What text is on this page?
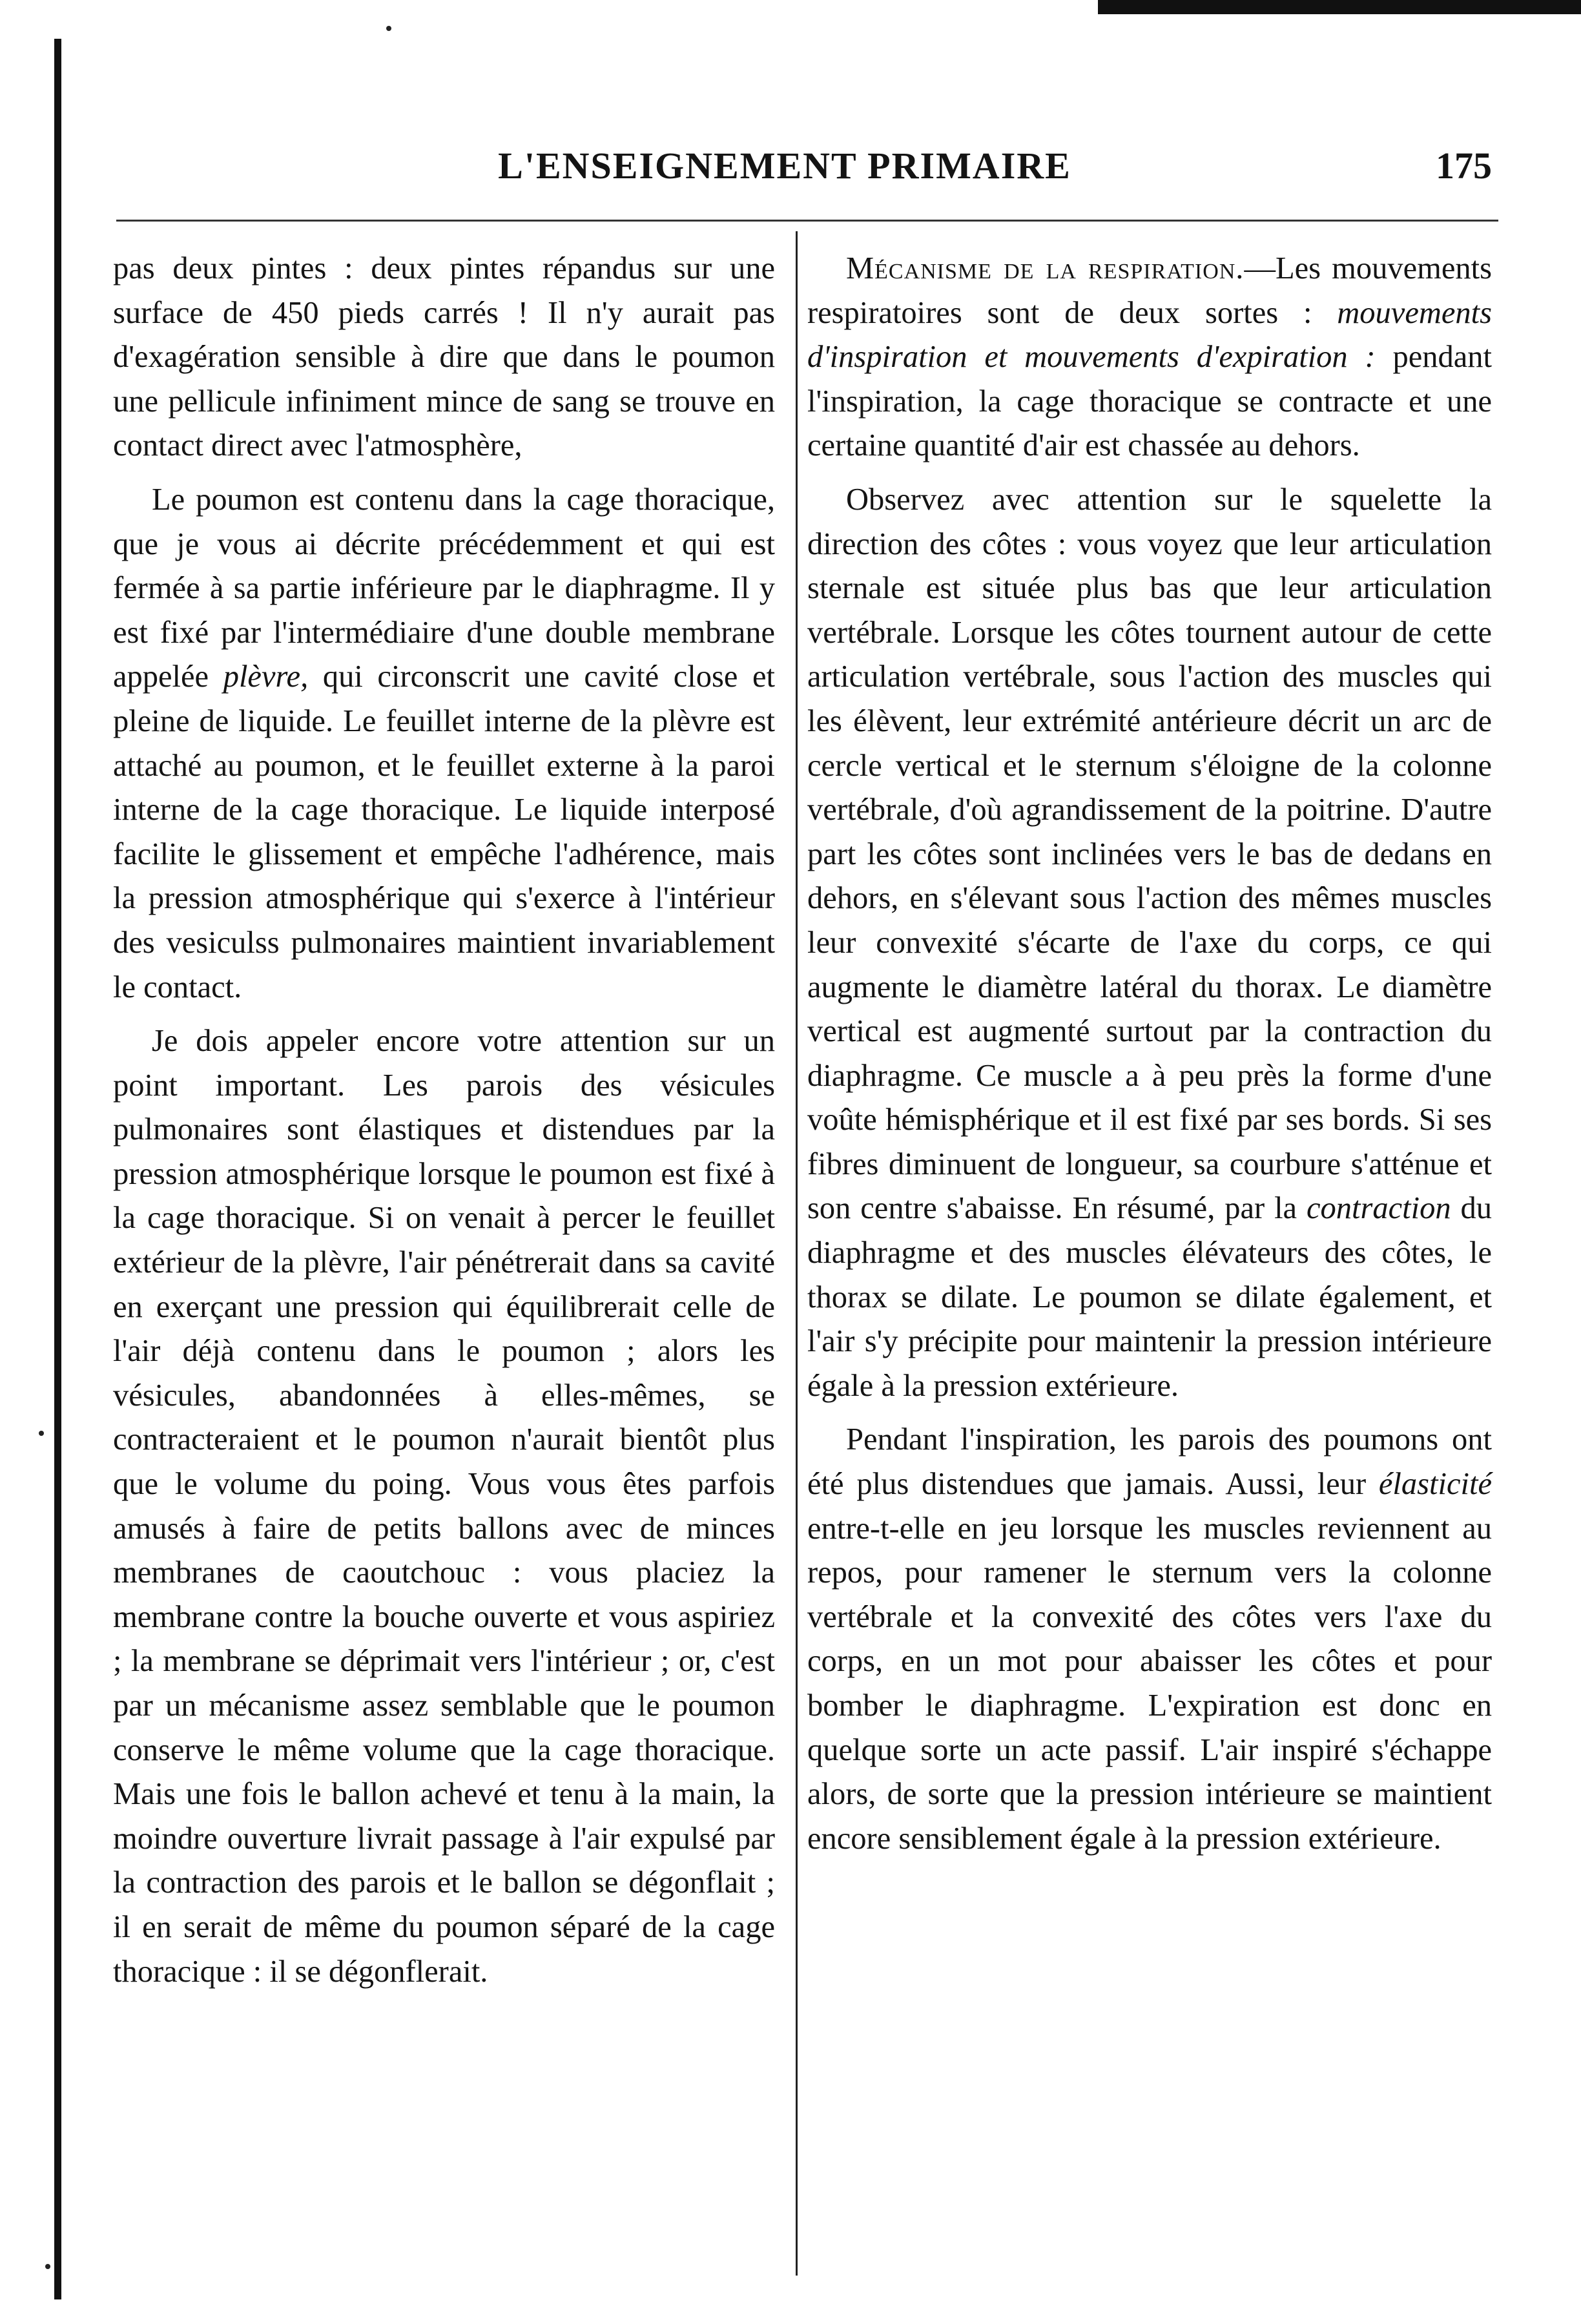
L'ENSEIGNEMENT PRIMAIRE	175

pas deux pintes : deux pintes répandus sur une surface de 450 pieds carrés ! Il n'y aurait pas d'exagération sensible à dire que dans le poumon une pellicule infiniment mince de sang se trouve en contact direct avec l'atmosphère,

Le poumon est contenu dans la cage thoracique, que je vous ai décrite précédemment et qui est fermée à sa partie inférieure par le diaphragme. Il y est fixé par l'intermédiaire d'une double membrane appelée plèvre, qui circonscrit une cavité close et pleine de liquide. Le feuillet interne de la plèvre est attaché au poumon, et le feuillet externe à la paroi interne de la cage thoracique. Le liquide interposé facilite le glissement et empêche l'adhérence, mais la pression atmosphérique qui s'exerce à l'intérieur des vesiculss pulmonaires maintient invariablement le contact.

Je dois appeler encore votre attention sur un point important. Les parois des vésicules pulmonaires sont élastiques et distendues par la pression atmosphérique lorsque le poumon est fixé à la cage thoracique. Si on venait à percer le feuillet extérieur de la plèvre, l'air pénétrerait dans sa cavité en exerçant une pression qui équilibrerait celle de l'air déjà contenu dans le poumon ; alors les vésicules, abandonnées à elles-mêmes, se contracteraient et le poumon n'aurait bientôt plus que le volume du poing. Vous vous êtes parfois amusés à faire de petits ballons avec de minces membranes de caoutchouc : vous placiez la membrane contre la bouche ouverte et vous aspiriez ; la membrane se déprimait vers l'intérieur ; or, c'est par un mécanisme assez semblable que le poumon conserve le même volume que la cage thoracique. Mais une fois le ballon achevé et tenu à la main, la moindre ouverture livrait passage à l'air expulsé par la contraction des parois et le ballon se dégonflait ; il en serait de même du poumon séparé de la cage thoracique : il se dégonflerait.

Mécanisme de la respiration.—Les mouvements respiratoires sont de deux sortes : mouvements d'inspiration et mouvements d'expiration : pendant l'inspiration, la cage thoracique se contracte et une certaine quantité d'air est chassée au dehors.

Observez avec attention sur le squelette la direction des côtes : vous voyez que leur articulation sternale est située plus bas que leur articulation vertébrale. Lorsque les côtes tournent autour de cette articulation vertébrale, sous l'action des muscles qui les élèvent, leur extrémité antérieure décrit un arc de cercle vertical et le sternum s'éloigne de la colonne vertébrale, d'où agrandissement de la poitrine. D'autre part les côtes sont inclinées vers le bas de dedans en dehors, en s'élevant sous l'action des mêmes muscles leur convexité s'écarte de l'axe du corps, ce qui augmente le diamètre latéral du thorax. Le diamètre vertical est augmenté surtout par la contraction du diaphragme. Ce muscle a à peu près la forme d'une voûte hémisphérique et il est fixé par ses bords. Si ses fibres diminuent de longueur, sa courbure s'atténue et son centre s'abaisse. En résumé, par la contraction du diaphragme et des muscles élévateurs des côtes, le thorax se dilate. Le poumon se dilate également, et l'air s'y précipite pour maintenir la pression intérieure égale à la pression extérieure.

Pendant l'inspiration, les parois des poumons ont été plus distendues que jamais. Aussi, leur élasticité entre-t-elle en jeu lorsque les muscles reviennent au repos, pour ramener le sternum vers la colonne vertébrale et la convexité des côtes vers l'axe du corps, en un mot pour abaisser les côtes et pour bomber le diaphragme. L'expiration est donc en quelque sorte un acte passif. L'air inspiré s'échappe alors, de sorte que la pression intérieure se maintient encore sensiblement égale à la pression extérieure.
